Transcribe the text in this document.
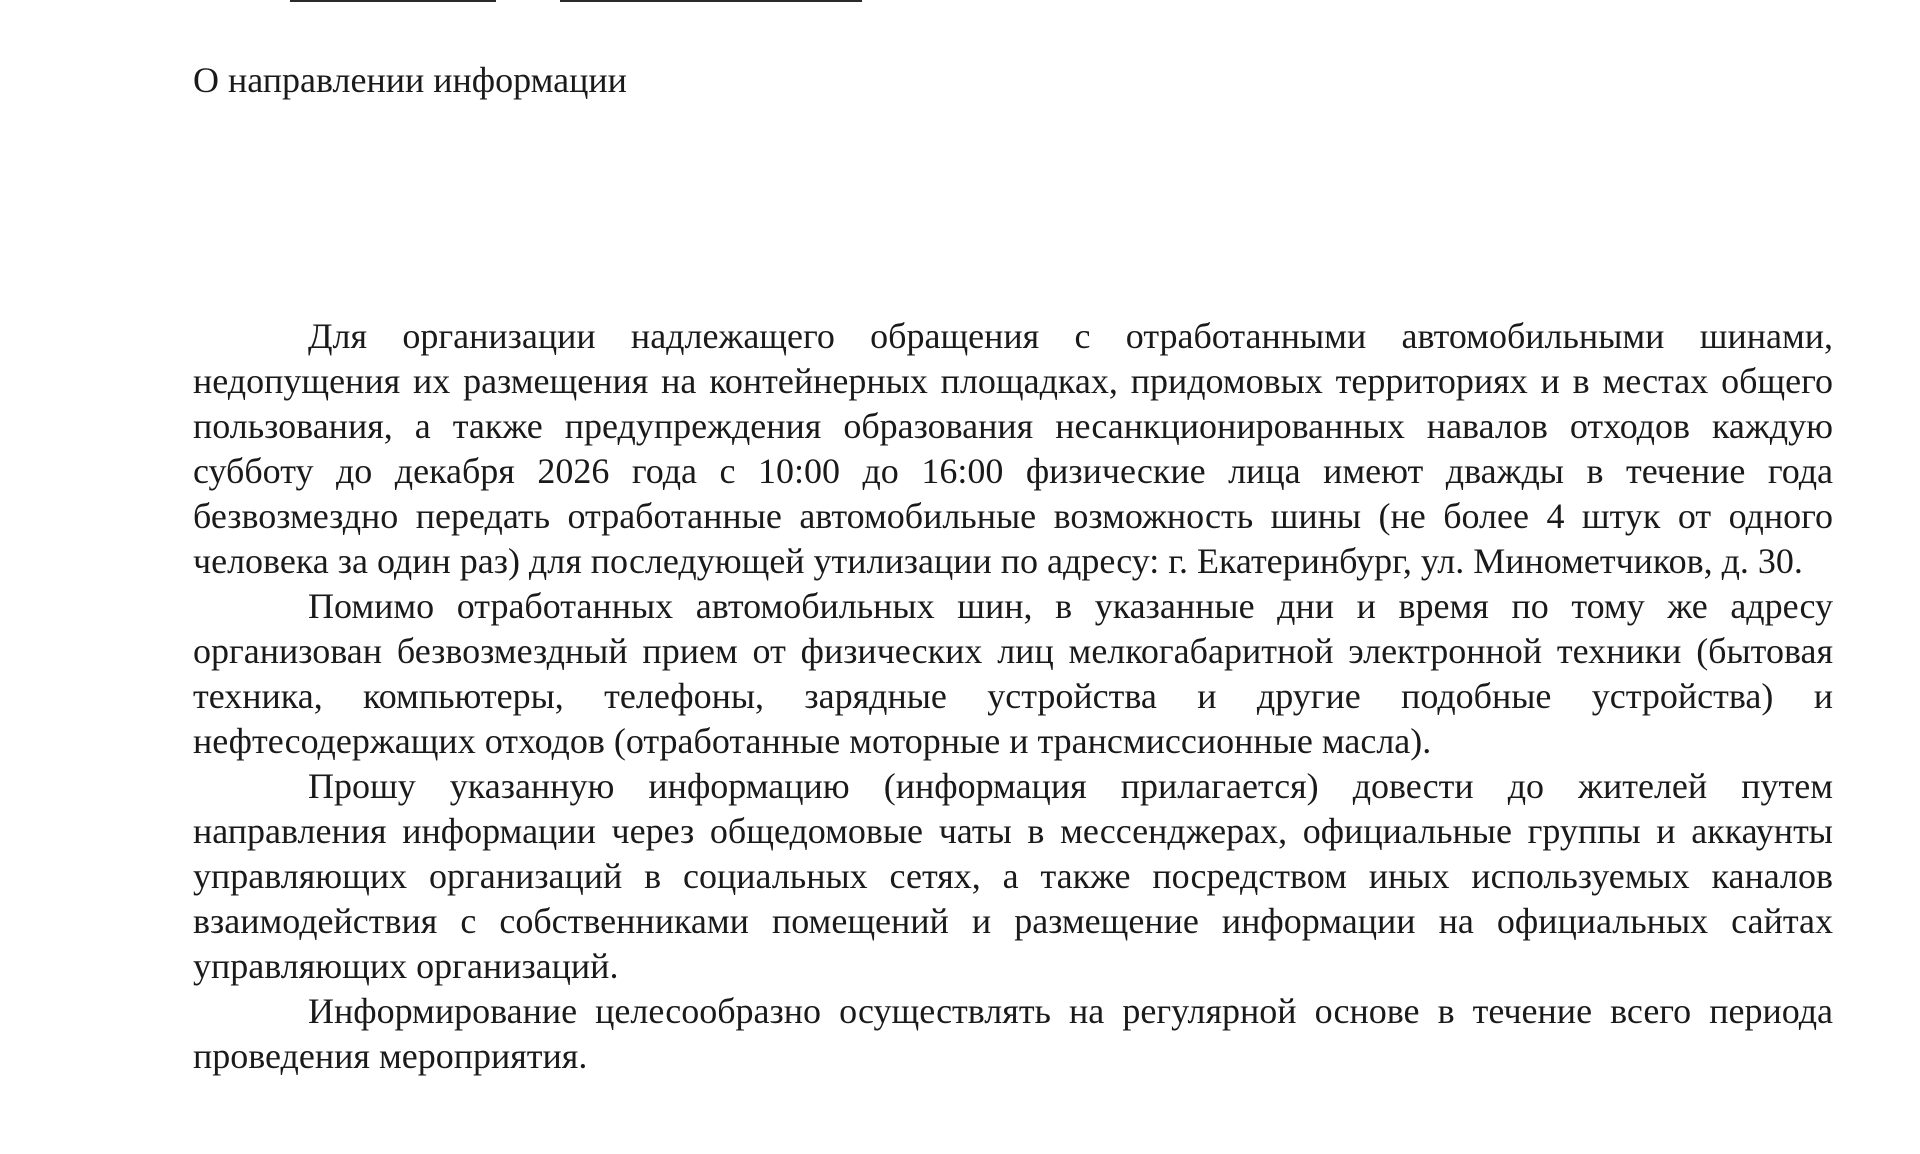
О направлении информации

Для организации надлежащего обращения с отработанными автомобильными шинами, недопущения их размещения на контейнерных площадках, придомовых территориях и в местах общего пользования, а также предупреждения образования несанкционированных навалов отходов каждую субботу до декабря 2026 года с 10:00 до 16:00 физические лица имеют дважды в течение года безвозмездно передать отработанные автомобильные возможность шины (не более 4 штук от одного человека за один раз) для последующей утилизации по адресу: г. Екатеринбург, ул. Минометчиков, д. 30.

Помимо отработанных автомобильных шин, в указанные дни и время по тому же адресу организован безвозмездный прием от физических лиц мелкогабаритной электронной техники (бытовая техника, компьютеры, телефоны, зарядные устройства и другие подобные устройства) и нефтесодержащих отходов (отработанные моторные и трансмиссионные масла).

Прошу указанную информацию (информация прилагается) довести до жителей путем направления информации через общедомовые чаты в мессенджерах, официальные группы и аккаунты управляющих организаций в социальных сетях, а также посредством иных используемых каналов взаимодействия с собственниками помещений и размещение информации на официальных сайтах управляющих организаций.

Информирование целесообразно осуществлять на регулярной основе в течение всего периода проведения мероприятия.
